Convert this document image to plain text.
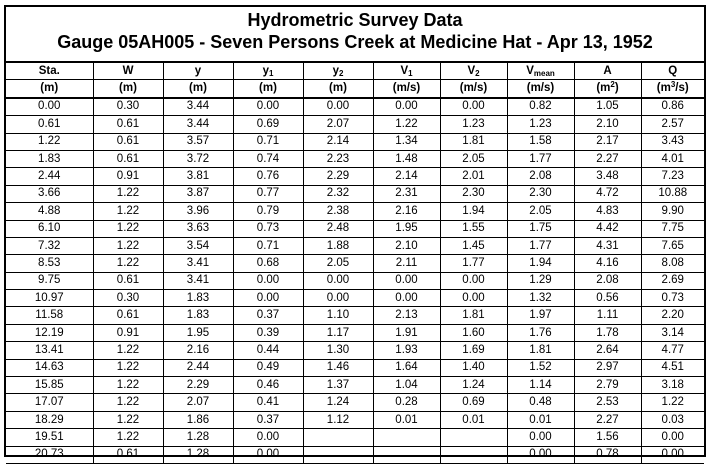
Hydrometric Survey Data
Gauge 05AH005 - Seven Persons Creek at Medicine Hat - Apr 13, 1952
Sta.	W	y	$y_1$	$y_2$	$V_1$	$V_2$	$V_{mean}$	A	Q
(m)	(m)	(m)	(m)	(m)	(m/s)	(m/s)	(m/s)	$(m^2)$	$(m^3/s)$
0.00	0.30	3.44	0.00	0.00	0.00	0.00	0.82	1.05	0.86
0.61	0.61	3.44	0.69	2.07	1.22	1.23	1.23	2.10	2.57
1.22	0.61	3.57	0.71	2.14	1.34	1.81	1.58	2.17	3.43
1.83	0.61	3.72	0.74	2.23	1.48	2.05	1.77	2.27	4.01
2.44	0.91	3.81	0.76	2.29	2.14	2.01	2.08	3.48	7.23
3.66	1.22	3.87	0.77	2.32	2.31	2.30	2.30	4.72	10.88
4.88	1.22	3.96	0.79	2.38	2.16	1.94	2.05	4.83	9.90
6.10	1.22	3.63	0.73	2.48	1.95	1.55	1.75	4.42	7.75
7.32	1.22	3.54	0.71	1.88	2.10	1.45	1.77	4.31	7.65
8.53	1.22	3.41	0.68	2.05	2.11	1.77	1.94	4.16	8.08
9.75	0.61	3.41	0.00	0.00	0.00	0.00	1.29	2.08	2.69
10.97	0.30	1.83	0.00	0.00	0.00	0.00	1.32	0.56	0.73
11.58	0.61	1.83	0.37	1.10	2.13	1.81	1.97	1.11	2.20
12.19	0.91	1.95	0.39	1.17	1.91	1.60	1.76	1.78	3.14
13.41	1.22	2.16	0.44	1.30	1.93	1.69	1.81	2.64	4.77
14.63	1.22	2.44	0.49	1.46	1.64	1.40	1.52	2.97	4.51
15.85	1.22	2.29	0.46	1.37	1.04	1.24	1.14	2.79	3.18
17.07	1.22	2.07	0.41	1.24	0.28	0.69	0.48	2.53	1.22
18.29	1.22	1.86	0.37	1.12	0.01	0.01	0.01	2.27	0.03
19.51	1.22	1.28	0.00				0.00	1.56	0.00
20.73	0.61	1.28	0.00				0.00	0.78	0.00
